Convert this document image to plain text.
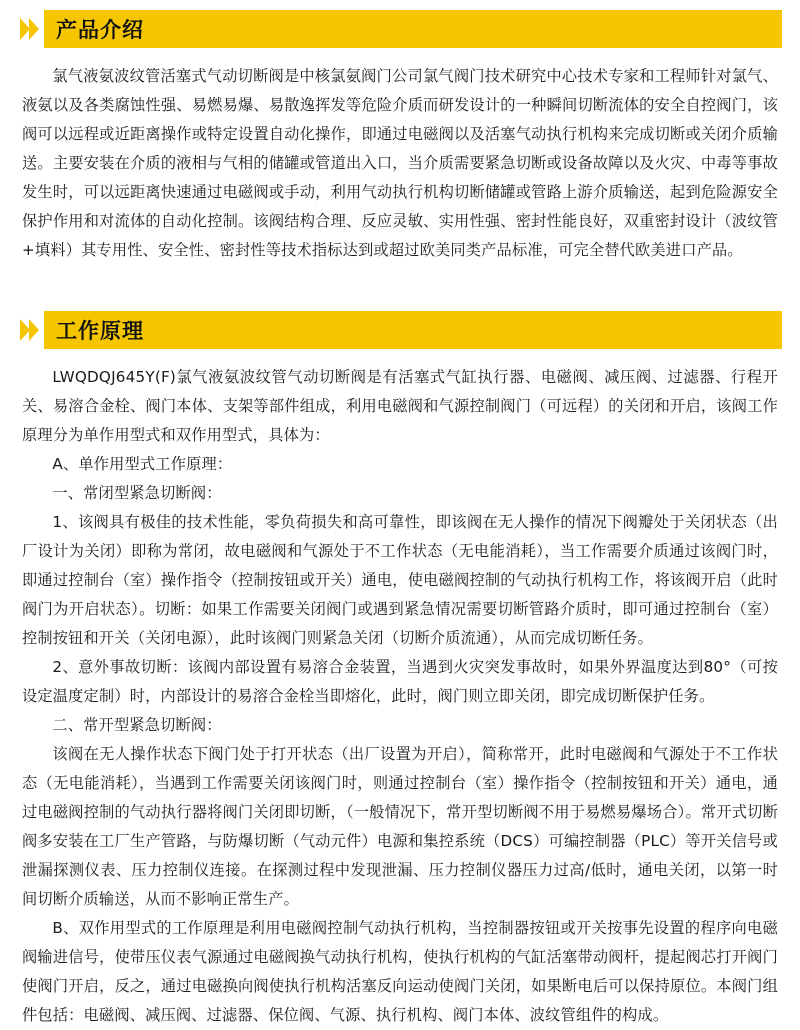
产品介绍

氯气液氨波纹管活塞式气动切断阀是中核氯氨阀门公司氯气阀门技术研究中心技术专家和工程师针对氯气、液氨以及各类腐蚀性强、易燃易爆、易散逸挥发等危险介质而研发设计的一种瞬间切断流体的安全自控阀门，该阀可以远程或近距离操作或特定设置自动化操作，即通过电磁阀以及活塞气动执行机构来完成切断或关闭介质输送。主要安装在介质的液相与气相的储罐或管道出入口，当介质需要紧急切断或设备故障以及火灾、中毒等事故发生时，可以远距离快速通过电磁阀或手动，利用气动执行机构切断储罐或管路上游介质输送，起到危险源安全保护作用和对流体的自动化控制。该阀结构合理、反应灵敏、实用性强、密封性能良好，双重密封设计（波纹管+填料）其专用性、安全性、密封性等技术指标达到或超过欧美同类产品标准，可完全替代欧美进口产品。

工作原理

LWQDQJ645Y(F)氯气液氨波纹管气动切断阀是有活塞式气缸执行器、电磁阀、减压阀、过滤器、行程开关、易溶合金栓、阀门本体、支架等部件组成，利用电磁阀和气源控制阀门（可远程）的关闭和开启，该阀工作原理分为单作用型式和双作用型式，具体为：

A、单作用型式工作原理：

一、常闭型紧急切断阀：

1、该阀具有极佳的技术性能，零负荷损失和高可靠性，即该阀在无人操作的情况下阀瓣处于关闭状态（出厂设计为关闭）即称为常闭，故电磁阀和气源处于不工作状态（无电能消耗），当工作需要介质通过该阀门时，即通过控制台（室）操作指令（控制按钮或开关）通电，使电磁阀控制的气动执行机构工作，将该阀开启（此时阀门为开启状态）。切断：如果工作需要关闭阀门或遇到紧急情况需要切断管路介质时，即可通过控制台（室）控制按钮和开关（关闭电源），此时该阀门则紧急关闭（切断介质流通），从而完成切断任务。

2、意外事故切断：该阀内部设置有易溶合金装置，当遇到火灾突发事故时，如果外界温度达到80°（可按设定温度定制）时，内部设计的易溶合金栓当即熔化，此时，阀门则立即关闭，即完成切断保护任务。

二、常开型紧急切断阀：

该阀在无人操作状态下阀门处于打开状态（出厂设置为开启），简称常开，此时电磁阀和气源处于不工作状态（无电能消耗），当遇到工作需要关闭该阀门时，则通过控制台（室）操作指令（控制按钮和开关）通电，通过电磁阀控制的气动执行器将阀门关闭即切断，（一般情况下，常开型切断阀不用于易燃易爆场合）。常开式切断阀多安装在工厂生产管路，与防爆切断（气动元件）电源和集控系统（DCS）可编控制器（PLC）等开关信号或泄漏探测仪表、压力控制仪连接。在探测过程中发现泄漏、压力控制仪器压力过高/低时，通电关闭，以第一时间切断介质输送，从而不影响正常生产。

B、双作用型式的工作原理是利用电磁阀控制气动执行机构，当控制器按钮或开关按事先设置的程序向电磁阀输进信号，使带压仪表气源通过电磁阀换气动执行机构，使执行机构的气缸活塞带动阀杆，提起阀芯打开阀门使阀门开启，反之，通过电磁换向阀使执行机构活塞反向运动使阀门关闭，如果断电后可以保持原位。本阀门组件包括：电磁阀、减压阀、过滤器、保位阀、气源、执行机构、阀门本体、波纹管组件的构成。
